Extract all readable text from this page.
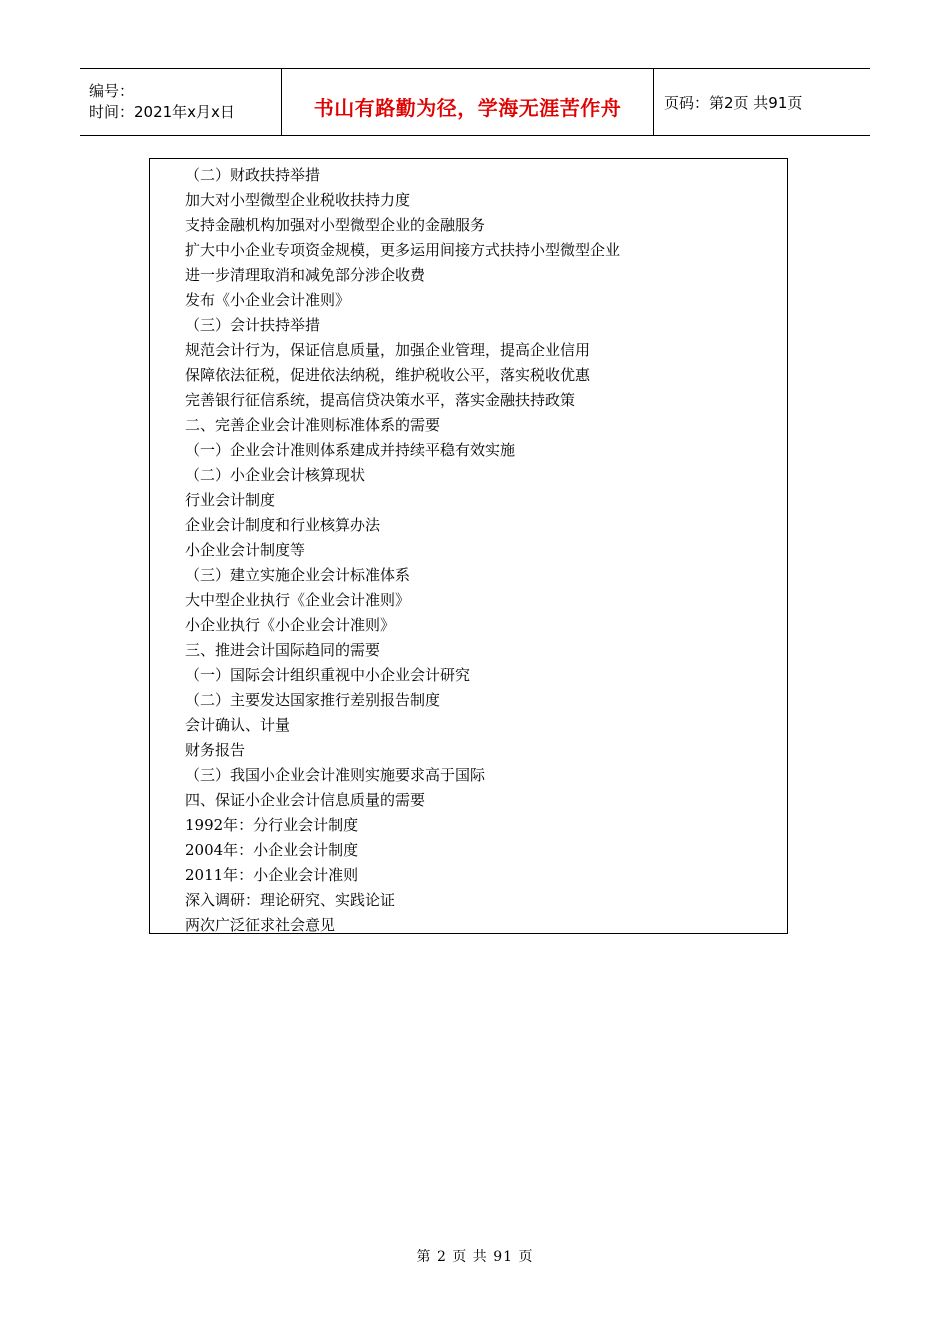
编号：
时间：2021年x月x日	书山有路勤为径，学海无涯苦作舟	页码：第2页 共91页
（二）财政扶持举措
加大对小型微型企业税收扶持力度
支持金融机构加强对小型微型企业的金融服务
扩大中小企业专项资金规模，更多运用间接方式扶持小型微型企业
进一步清理取消和减免部分涉企收费
发布《小企业会计准则》
（三）会计扶持举措
规范会计行为，保证信息质量，加强企业管理，提高企业信用
保障依法征税，促进依法纳税，维护税收公平，落实税收优惠
完善银行征信系统，提高信贷决策水平，落实金融扶持政策
二、完善企业会计准则标准体系的需要
（一）企业会计准则体系建成并持续平稳有效实施
（二）小企业会计核算现状
行业会计制度
企业会计制度和行业核算办法
小企业会计制度等
（三）建立实施企业会计标准体系
大中型企业执行《企业会计准则》
小企业执行《小企业会计准则》
三、推进会计国际趋同的需要
（一）国际会计组织重视中小企业会计研究
（二）主要发达国家推行差别报告制度
会计确认、计量
财务报告
（三）我国小企业会计准则实施要求高于国际
四、保证小企业会计信息质量的需要
1992年：分行业会计制度
2004年：小企业会计制度
2011年：小企业会计准则
深入调研：理论研究、实践论证
两次广泛征求社会意见
第 2 页 共 91 页
